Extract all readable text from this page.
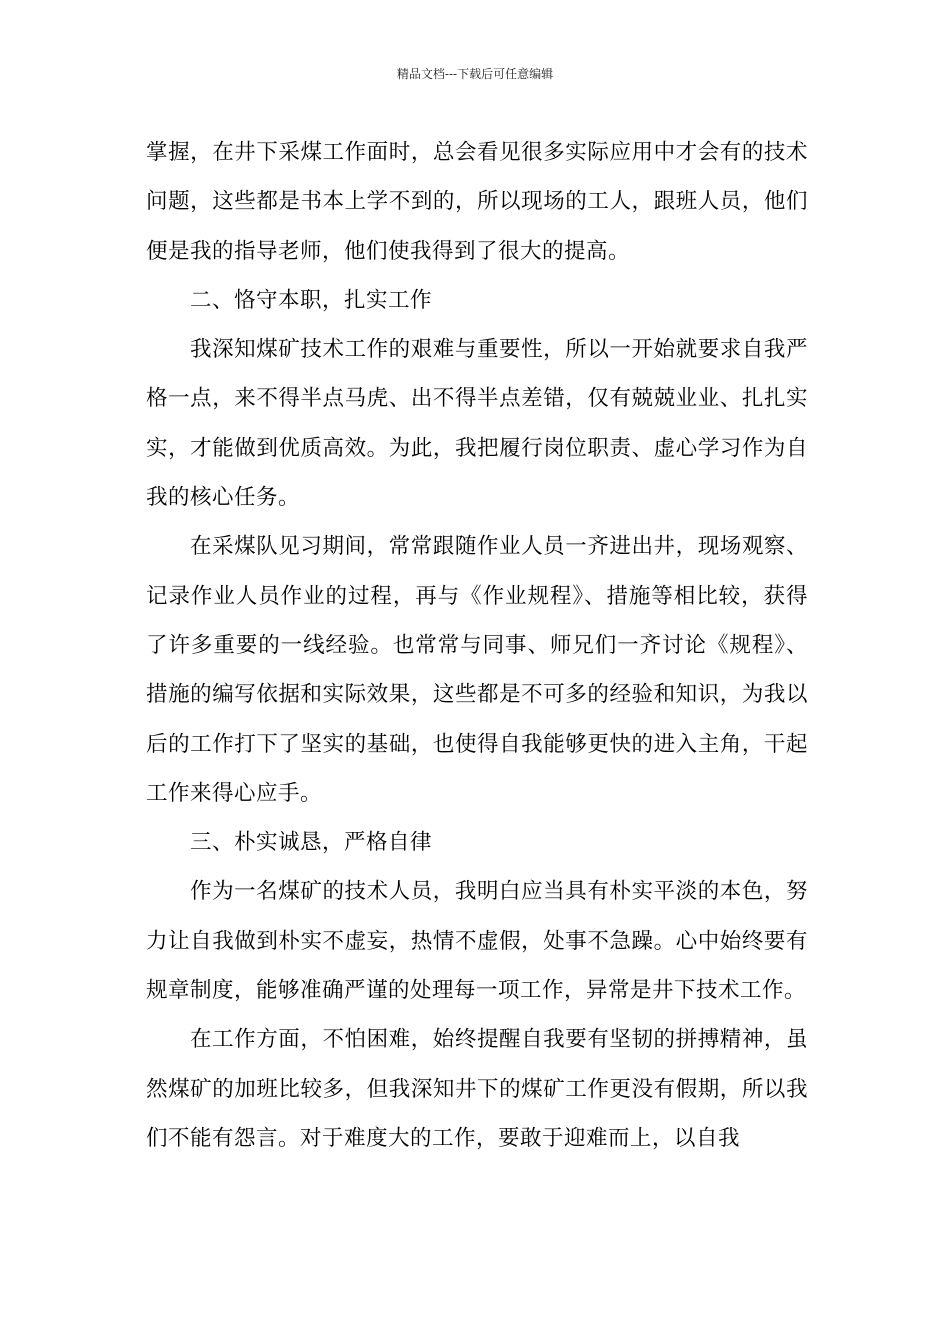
精品文档---下载后可任意编辑

掌握，在井下采煤工作面时，总会看见很多实际应用中才会有的技术问题，这些都是书本上学不到的，所以现场的工人，跟班人员，他们便是我的指导老师，他们使我得到了很大的提高。

二、恪守本职，扎实工作

我深知煤矿技术工作的艰难与重要性，所以一开始就要求自我严格一点，来不得半点马虎、出不得半点差错，仅有兢兢业业、扎扎实实，才能做到优质高效。为此，我把履行岗位职责、虚心学习作为自我的核心任务。

在采煤队见习期间，常常跟随作业人员一齐进出井，现场观察、记录作业人员作业的过程，再与《作业规程》、措施等相比较，获得了许多重要的一线经验。也常常与同事、师兄们一齐讨论《规程》、措施的编写依据和实际效果，这些都是不可多的经验和知识，为我以后的工作打下了坚实的基础，也使得自我能够更快的进入主角，干起工作来得心应手。

三、朴实诚恳，严格自律

作为一名煤矿的技术人员，我明白应当具有朴实平淡的本色，努力让自我做到朴实不虚妄，热情不虚假，处事不急躁。心中始终要有规章制度，能够准确严谨的处理每一项工作，异常是井下技术工作。

在工作方面，不怕困难，始终提醒自我要有坚韧的拼搏精神，虽然煤矿的加班比较多，但我深知井下的煤矿工作更没有假期，所以我们不能有怨言。对于难度大的工作，要敢于迎难而上，以自我
